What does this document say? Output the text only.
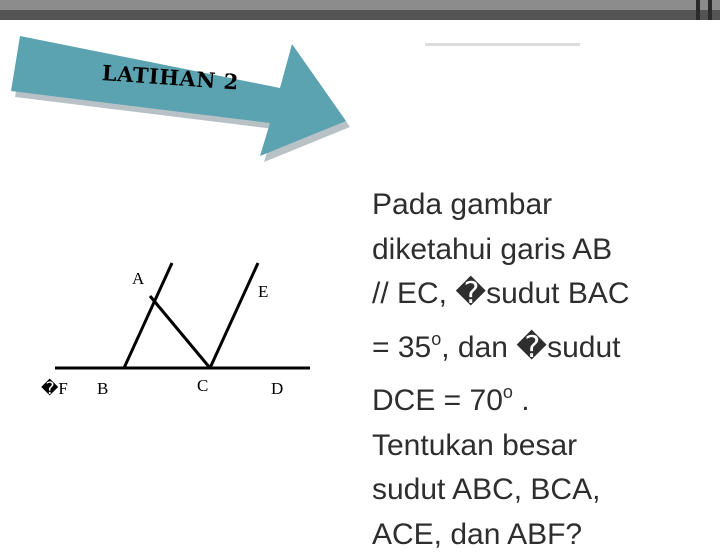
LATIHAN 2
A
E
�F B	C	D
Pada gambar
diketahui garis AB
// EC, �sudut BAC
= $35^o$, dan �sudut
DCE = $70^o$ .
Tentukan besar
sudut ABC, BCA,
ACE, dan ABF?
